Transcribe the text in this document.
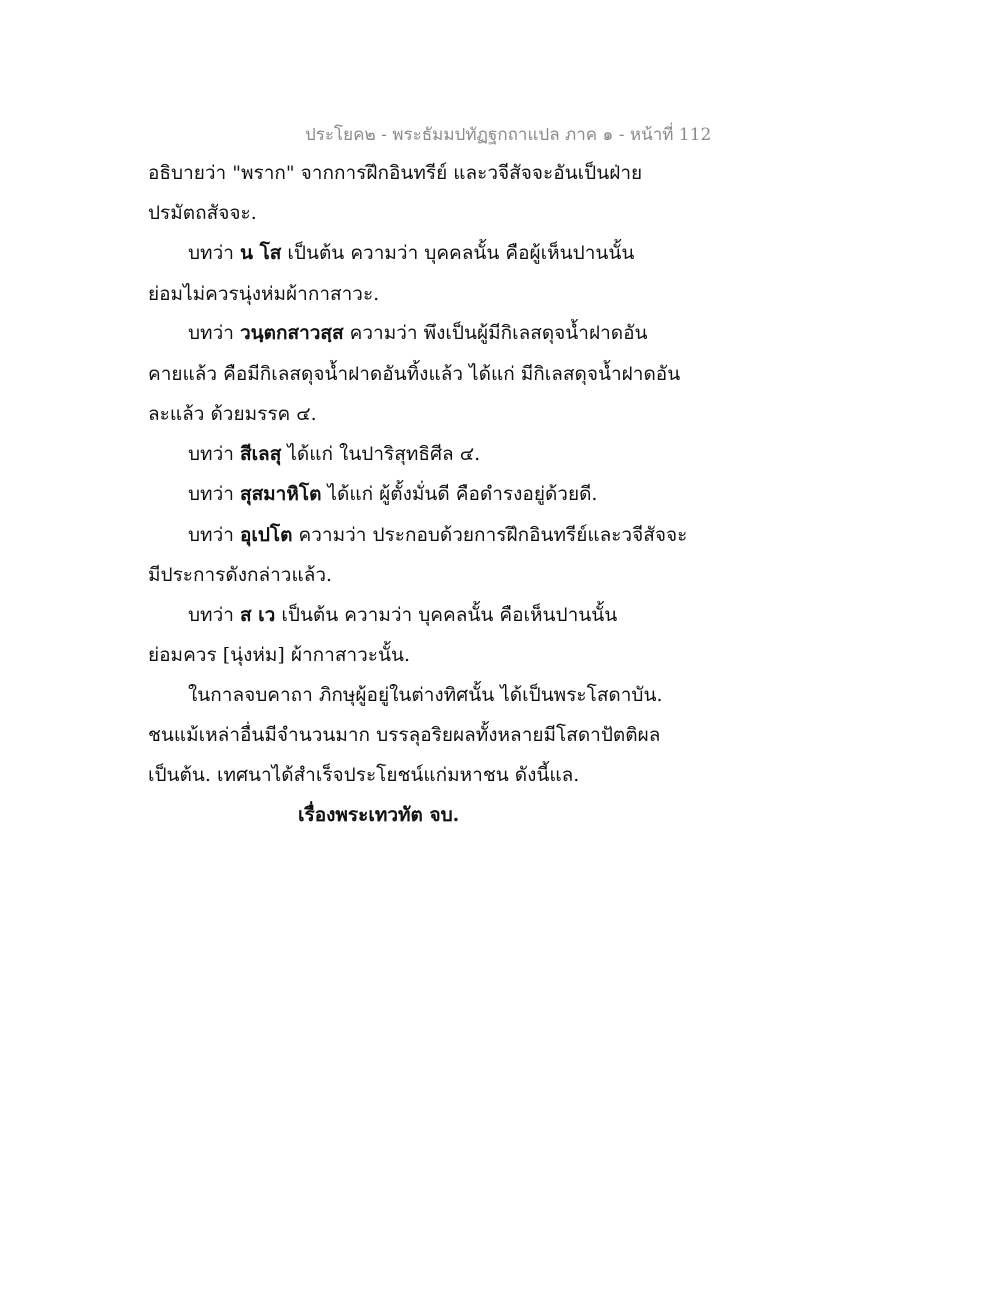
ประโยค๒ - พระธัมมปทัฏฐกถาแปล ภาค ๑ - หน้าที่ 112
อธิบายว่า "พราก" จากการฝึกอินทรีย์ และวจีสัจจะอันเป็นฝ่าย
ปรมัตถสัจจะ.
บทว่า น โส เป็นต้น ความว่า บุคคลนั้น คือผู้เห็นปานนั้น
ย่อมไม่ควรนุ่งห่มผ้ากาสาวะ.
บทว่า วนฺตกสาวสฺส ความว่า พึงเป็นผู้มีกิเลสดุจน้ำฝาดอัน
คายแล้ว คือมีกิเลสดุจน้ำฝาดอันทิ้งแล้ว ได้แก่ มีกิเลสดุจน้ำฝาดอัน
ละแล้ว ด้วยมรรค ๔.
บทว่า สีเลสุ ได้แก่ ในปาริสุทธิศีล ๔.
บทว่า สุสมาหิโต ได้แก่ ผู้ตั้งมั่นดี คือดำรงอยู่ด้วยดี.
บทว่า อุเปโต ความว่า ประกอบด้วยการฝึกอินทรีย์และวจีสัจจะ
มีประการดังกล่าวแล้ว.
บทว่า ส เว เป็นต้น ความว่า บุคคลนั้น คือเห็นปานนั้น
ย่อมควร [นุ่งห่ม] ผ้ากาสาวะนั้น.
ในกาลจบคาถา ภิกษุผู้อยู่ในต่างทิศนั้น ได้เป็นพระโสดาบัน.
ชนแม้เหล่าอื่นมีจำนวนมาก บรรลุอริยผลทั้งหลายมีโสดาปัตติผล
เป็นต้น. เทศนาได้สำเร็จประโยชน์แก่มหาชน ดังนี้แล.
เรื่องพระเทวทัต จบ.
